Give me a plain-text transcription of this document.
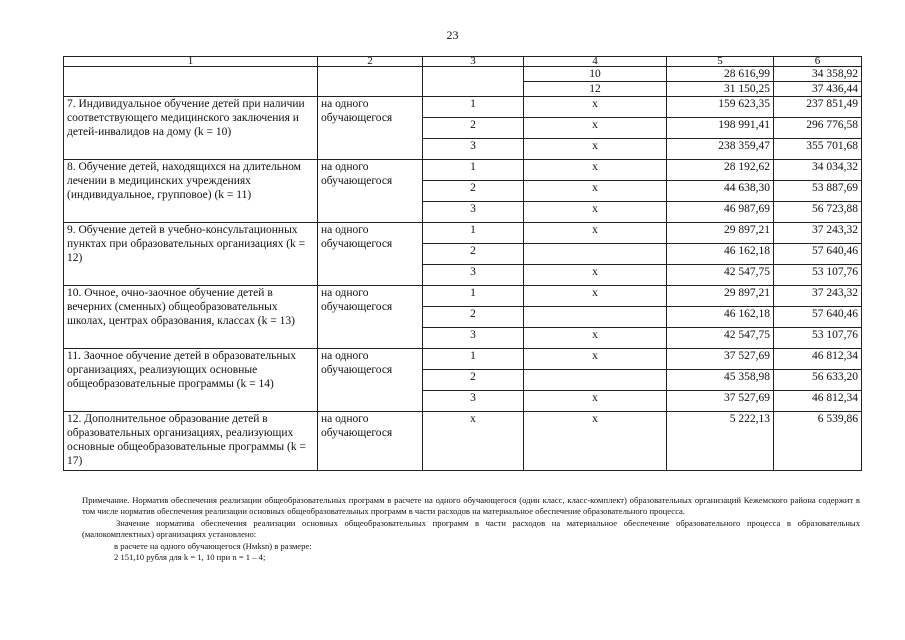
23
1	2	3	4	5	6
			10	28 616,99	34 358,92
			12	31 150,25	37 436,44
7. Индивидуальное обучение детей при наличии соответствующего медицинского заключения и детей-инвалидов на дому (k = 10)	на одного обучающегося	1	х	159 623,35	237 851,49
		2	х	198 991,41	296 776,58
		3	х	238 359,47	355 701,68
8. Обучение детей, находящихся на длительном лечении в медицинских учреждениях (индивидуальное, групповое) (k = 11)	на одного обучающегося	1	х	28 192,62	34 034,32
		2	х	44 638,30	53 887,69
		3	х	46 987,69	56 723,88
9. Обучение детей в учебно-консультационных пунктах при образовательных организациях (k = 12)	на одного обучающегося	1	х	29 897,21	37 243,32
		2		46 162,18	57 640,46
		3	х	42 547,75	53 107,76
10. Очное, очно-заочное обучение детей в вечерних (сменных) общеобразовательных школах, центрах образования, классах (k = 13)	на одного обучающегося	1	х	29 897,21	37 243,32
		2		46 162,18	57 640,46
		3	х	42 547,75	53 107,76
11. Заочное обучение детей в образовательных организациях, реализующих основные общеобразовательные программы (k = 14)	на одного обучающегося	1	х	37 527,69	46 812,34
		2		45 358,98	56 633,20
		3	х	37 527,69	46 812,34
12. Дополнительное образование детей в образовательных организациях, реализующих основные общеобразовательные программы (k = 17)	на одного обучающегося	х	х	5 222,13	6 539,86

Примечание. Норматив обеспечения реализации общеобразовательных программ в расчете на одного обучающегося (один класс, класс-комплект) образовательных организаций Кежемского района содержит в том числе норматив обеспечения реализации основных общеобразовательных программ в части расходов на материальное обеспечение образовательного процесса.

Значение норматива обеспечения реализации основных общеобразовательных программ в части расходов на материальное обеспечение образовательного процесса в образовательных (малокомплектных) организациях установлено:

в расчете на одного обучающегося (Нмksn) в размере:

2 151,10 рубля для k = 1, 10 при n = 1 – 4;
